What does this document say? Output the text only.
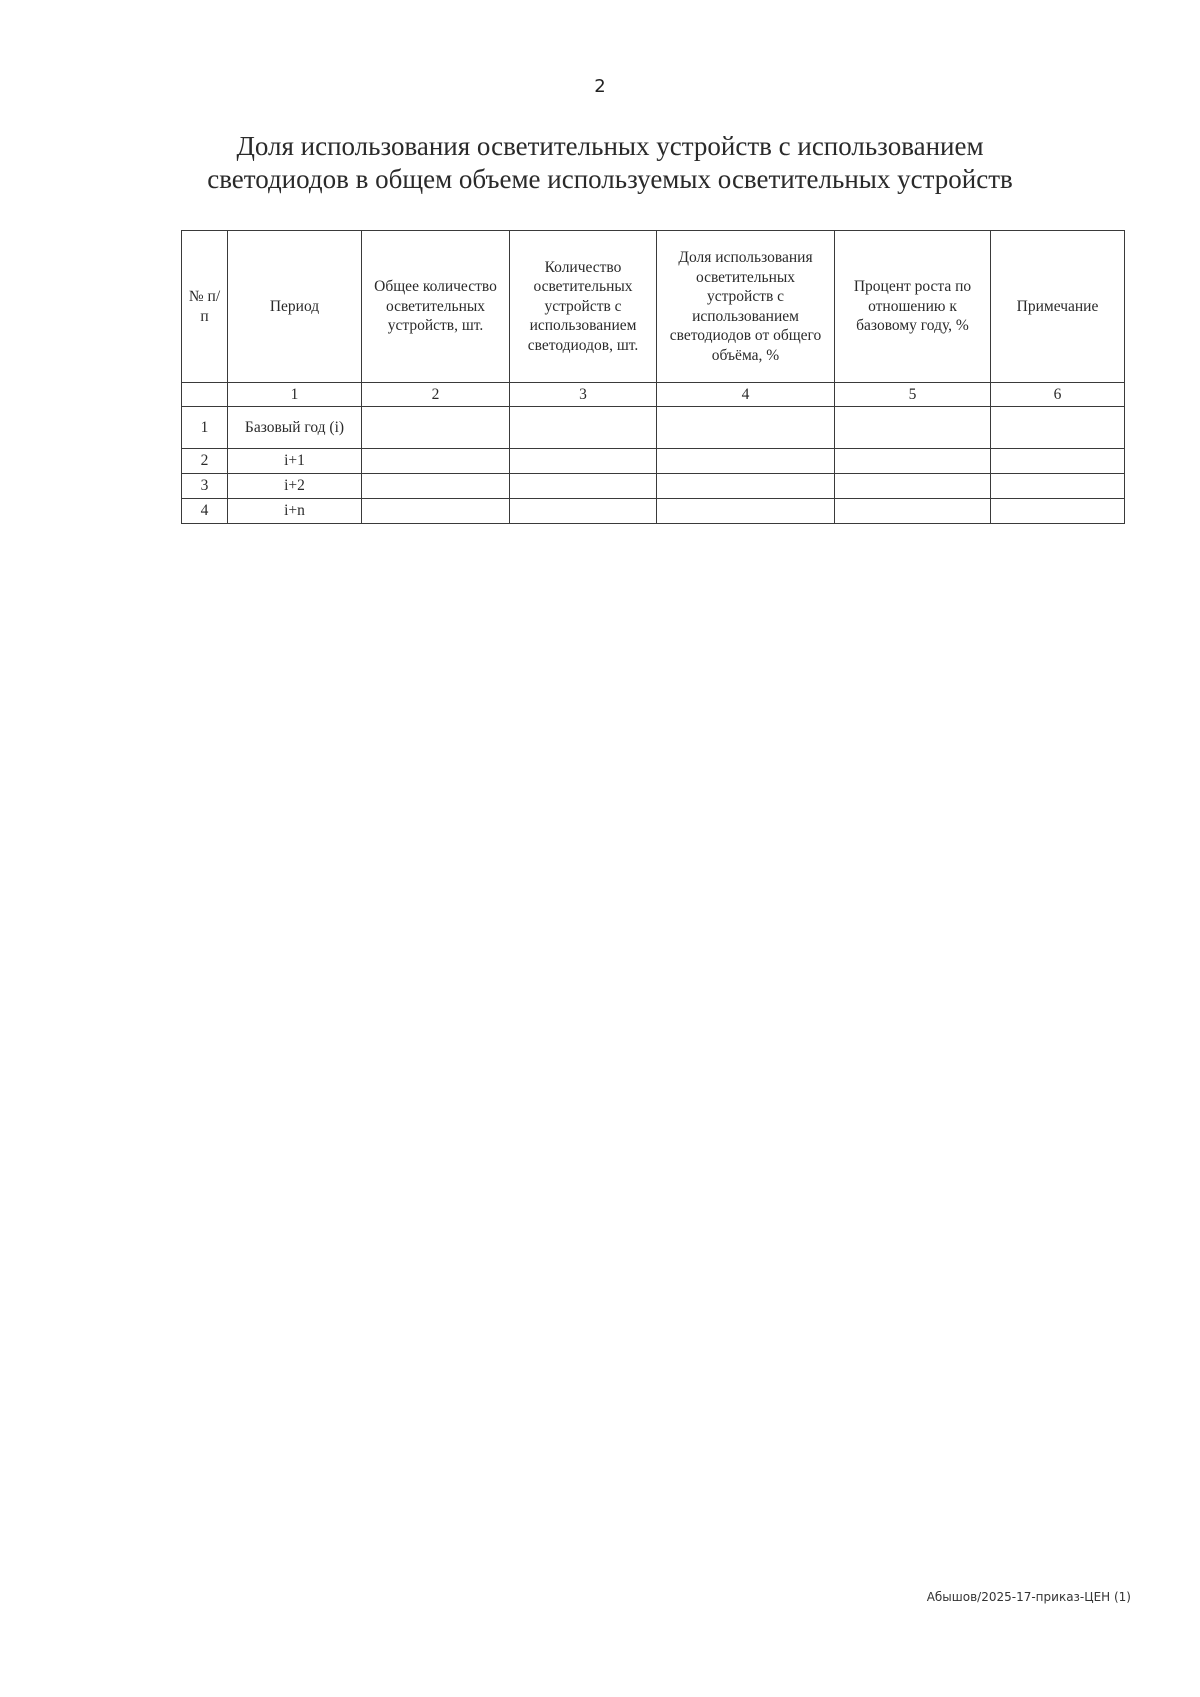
2
Доля использования осветительных устройств с использованием
светодиодов в общем объеме используемых осветительных устройств
№ п/п	Период	Общее количество осветительных устройств, шт.	Количество осветительных устройств с использованием светодиодов, шт.	Доля использования осветительных устройств с использованием светодиодов от общего объёма, %	Процент роста по отношению к базовому году, %	Примечание
	1	2	3	4	5	6
1	Базовый год (i)					
2	i+1					
3	i+2					
4	i+n					
Абышов/2025-17-приказ-ЦЕН (1)
